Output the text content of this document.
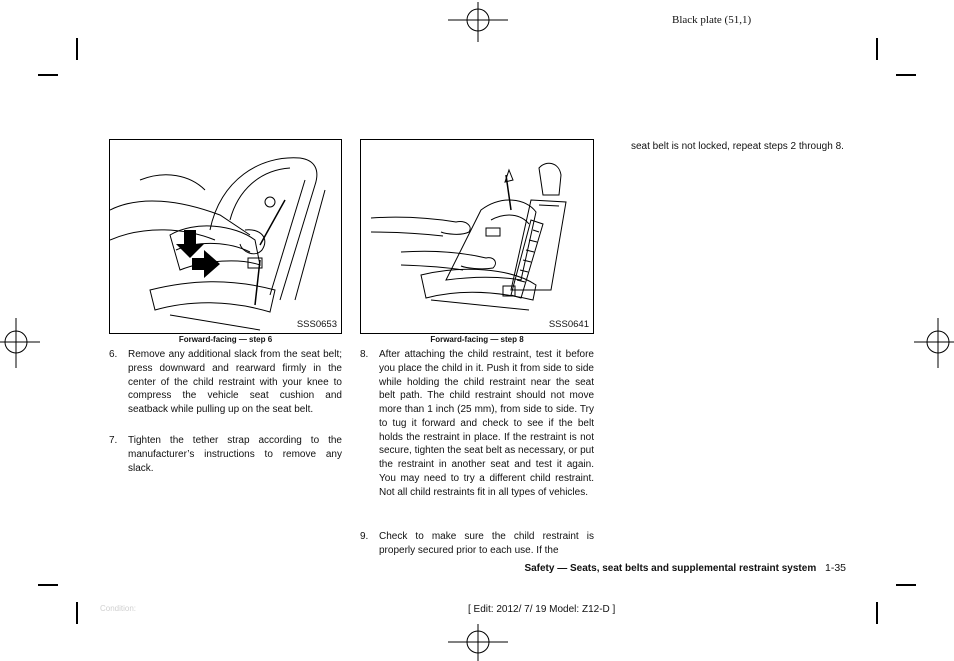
Black plate (51,1)
SSS0653
Forward-facing — step 6
SSS0641
Forward-facing — step 8
6. Remove any additional slack from the seat belt; press downward and rearward firmly in the center of the child restraint with your knee to compress the vehicle seat cushion and seatback while pulling up on the seat belt.
7. Tighten the tether strap according to the manufacturer’s instructions to remove any slack.
8. After attaching the child restraint, test it before you place the child in it. Push it from side to side while holding the child restraint near the seat belt path. The child restraint should not move more than 1 inch (25 mm), from side to side. Try to tug it forward and check to see if the belt holds the restraint in place. If the restraint is not secure, tighten the seat belt as necessary, or put the restraint in another seat and test it again. You may need to try a different child restraint. Not all child restraints fit in all types of vehicles.
9. Check to make sure the child restraint is properly secured prior to each use. If the
seat belt is not locked, repeat steps 2 through 8.
Safety — Seats, seat belts and supplemental restraint system 1-35
Condition:	[ Edit: 2012/ 7/ 19 Model: Z12-D ]
